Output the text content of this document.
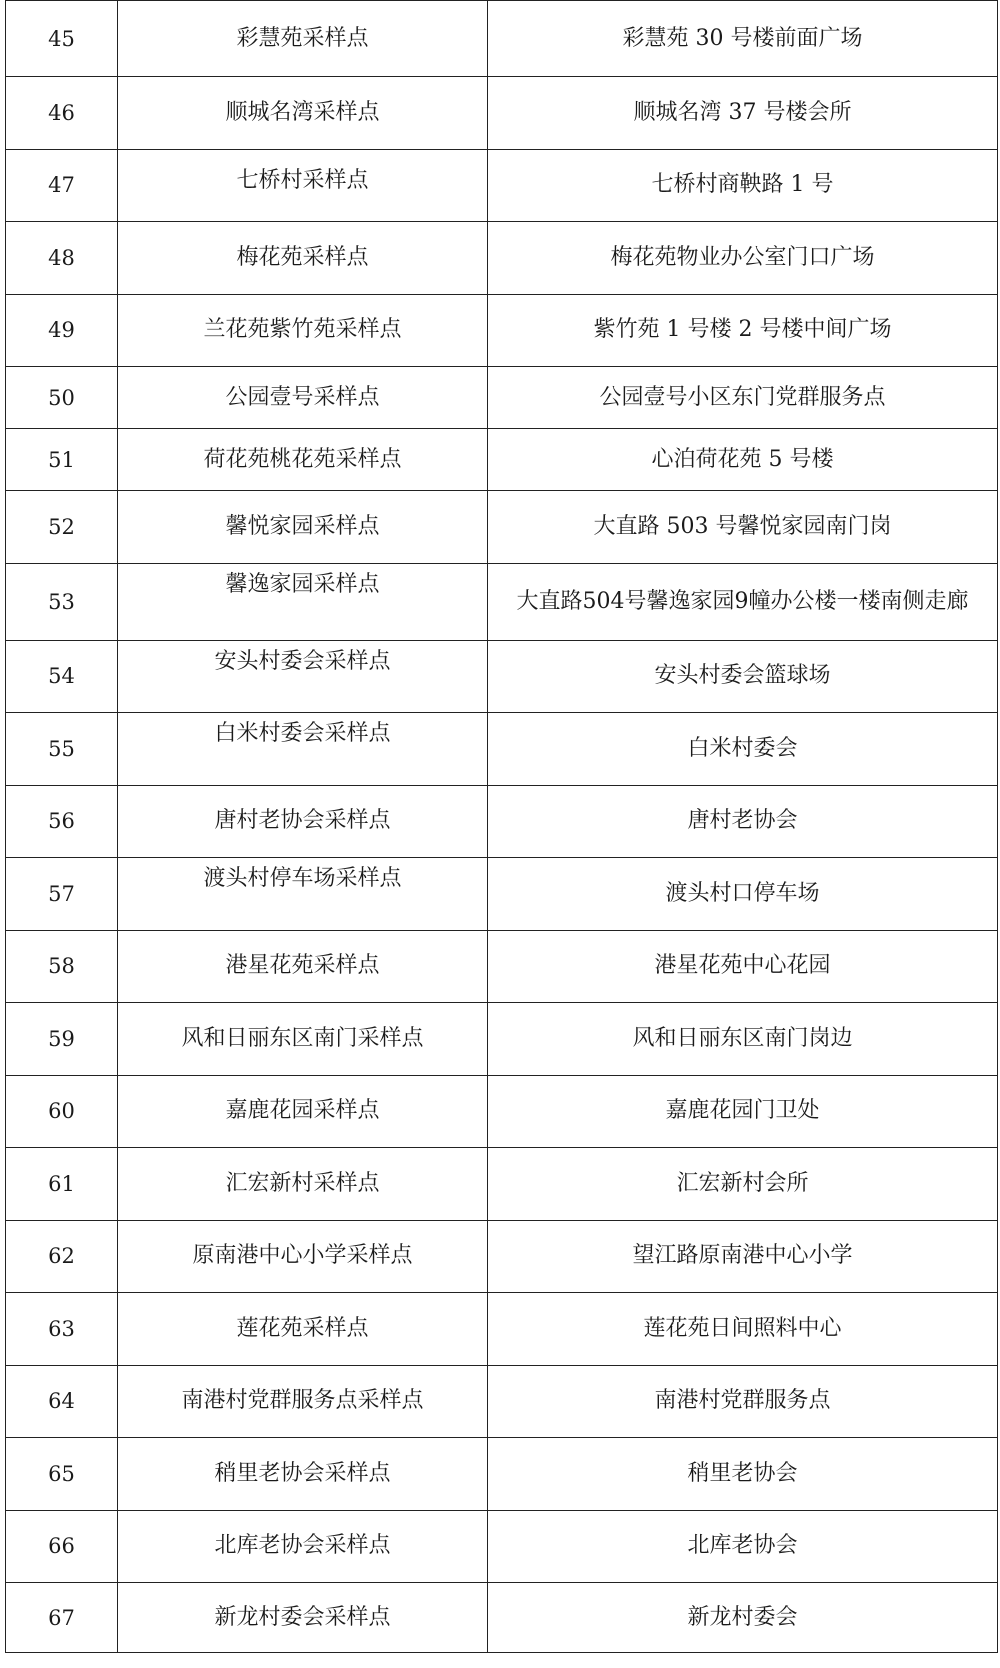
45	彩慧苑采样点	彩慧苑 30 号楼前面广场
46	顺城名湾采样点	顺城名湾 37 号楼会所
47	七桥村采样点	七桥村商鞅路 1 号
48	梅花苑采样点	梅花苑物业办公室门口广场
49	兰花苑紫竹苑采样点	紫竹苑 1 号楼 2 号楼中间广场
50	公园壹号采样点	公园壹号小区东门党群服务点
51	荷花苑桃花苑采样点	心泊荷花苑 5 号楼
52	馨悦家园采样点	大直路 503 号馨悦家园南门岗
53	馨逸家园采样点	大直路504号馨逸家园9幢办公楼一楼南侧走廊
54	安头村委会采样点	安头村委会篮球场
55	白米村委会采样点	白米村委会
56	唐村老协会采样点	唐村老协会
57	渡头村停车场采样点	渡头村口停车场
58	港星花苑采样点	港星花苑中心花园
59	风和日丽东区南门采样点	风和日丽东区南门岗边
60	嘉鹿花园采样点	嘉鹿花园门卫处
61	汇宏新村采样点	汇宏新村会所
62	原南港中心小学采样点	望江路原南港中心小学
63	莲花苑采样点	莲花苑日间照料中心
64	南港村党群服务点采样点	南港村党群服务点
65	稍里老协会采样点	稍里老协会
66	北库老协会采样点	北库老协会
67	新龙村委会采样点	新龙村委会
